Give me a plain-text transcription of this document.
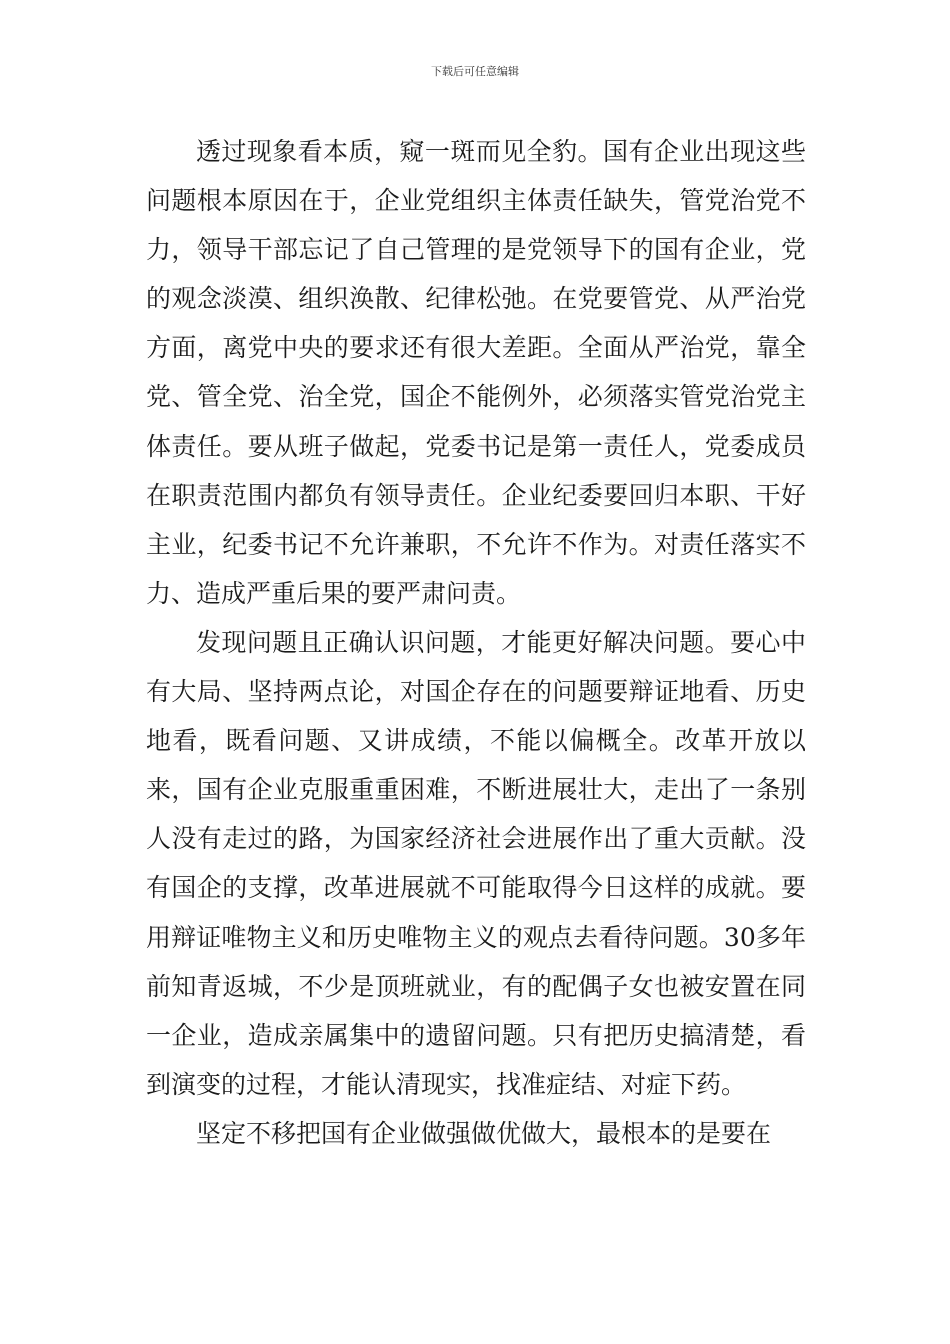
下载后可任意编辑

透过现象看本质，窥一斑而见全豹。国有企业出现这些问题根本原因在于，企业党组织主体责任缺失，管党治党不力，领导干部忘记了自己管理的是党领导下的国有企业，党的观念淡漠、组织涣散、纪律松弛。在党要管党、从严治党方面，离党中央的要求还有很大差距。全面从严治党，靠全党、管全党、治全党，国企不能例外，必须落实管党治党主体责任。要从班子做起，党委书记是第一责任人，党委成员在职责范围内都负有领导责任。企业纪委要回归本职、干好主业，纪委书记不允许兼职，不允许不作为。对责任落实不力、造成严重后果的要严肃问责。

发现问题且正确认识问题，才能更好解决问题。要心中有大局、坚持两点论，对国企存在的问题要辩证地看、历史地看，既看问题、又讲成绩，不能以偏概全。改革开放以来，国有企业克服重重困难，不断进展壮大，走出了一条别人没有走过的路，为国家经济社会进展作出了重大贡献。没有国企的支撑，改革进展就不可能取得今日这样的成就。要用辩证唯物主义和历史唯物主义的观点去看待问题。30多年前知青返城，不少是顶班就业，有的配偶子女也被安置在同一企业，造成亲属集中的遗留问题。只有把历史搞清楚，看到演变的过程，才能认清现实，找准症结、对症下药。

坚定不移把国有企业做强做优做大，最根本的是要在
